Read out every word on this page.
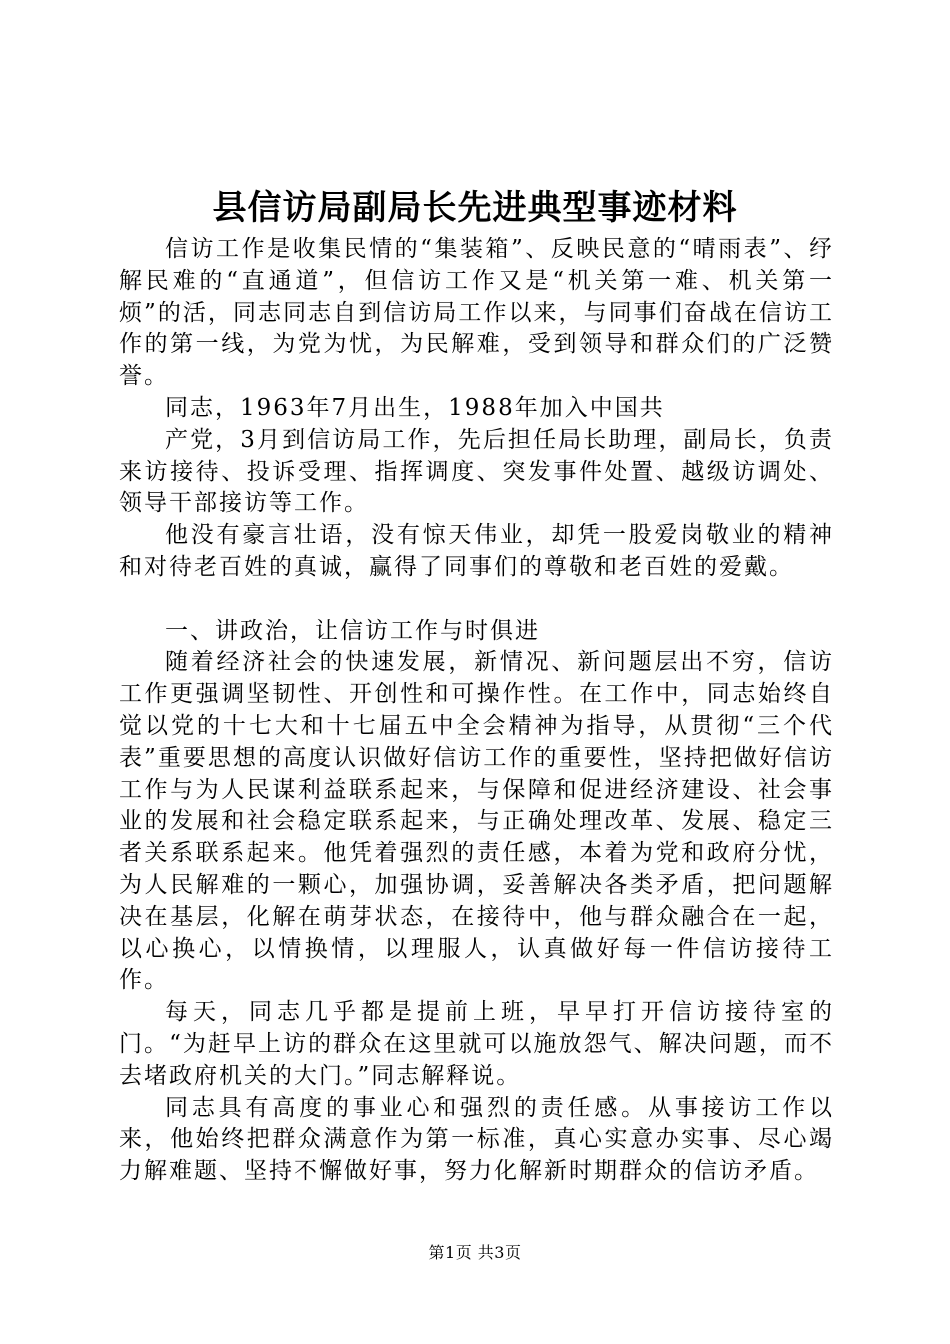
县信访局副局长先进典型事迹材料

信访工作是收集民情的“集装箱”、反映民意的“晴雨表”、纾解民难的“直通道”，但信访工作又是“机关第一难、机关第一烦”的活，同志同志自到信访局工作以来，与同事们奋战在信访工作的第一线，为党为忧，为民解难，受到领导和群众们的广泛赞誉。

同志，1963年7月出生，1988年加入中国共

产党，3月到信访局工作，先后担任局长助理，副局长，负责来访接待、投诉受理、指挥调度、突发事件处置、越级访调处、领导干部接访等工作。

他没有豪言壮语，没有惊天伟业，却凭一股爱岗敬业的精神和对待老百姓的真诚，赢得了同事们的尊敬和老百姓的爱戴。

一、讲政治，让信访工作与时俱进

随着经济社会的快速发展，新情况、新问题层出不穷，信访工作更强调坚韧性、开创性和可操作性。在工作中，同志始终自觉以党的十七大和十七届五中全会精神为指导，从贯彻“三个代表”重要思想的高度认识做好信访工作的重要性，坚持把做好信访工作与为人民谋利益联系起来，与保障和促进经济建设、社会事业的发展和社会稳定联系起来，与正确处理改革、发展、稳定三者关系联系起来。他凭着强烈的责任感，本着为党和政府分忧，为人民解难的一颗心，加强协调，妥善解决各类矛盾，把问题解决在基层，化解在萌芽状态，在接待中，他与群众融合在一起，以心换心，以情换情，以理服人，认真做好每一件信访接待工作。

每天，同志几乎都是提前上班，早早打开信访接待室的门。“为赶早上访的群众在这里就可以施放怨气、解决问题，而不去堵政府机关的大门。”同志解释说。

同志具有高度的事业心和强烈的责任感。从事接访工作以来，他始终把群众满意作为第一标准，真心实意办实事、尽心竭力解难题、坚持不懈做好事，努力化解新时期群众的信访矛盾。

第1页 共3页
